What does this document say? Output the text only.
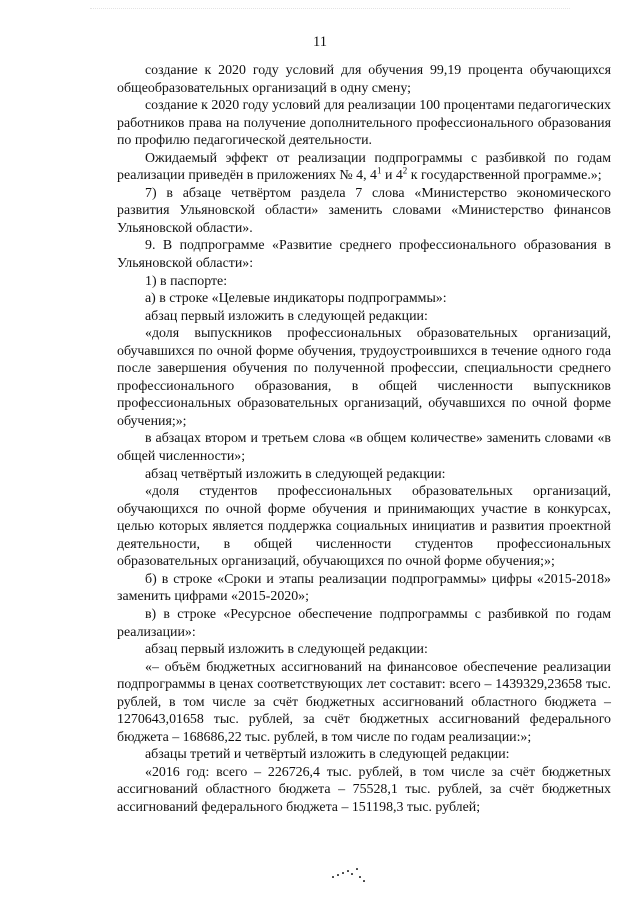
11

создание к 2020 году условий для обучения 99,19 процента обучающихся общеобразовательных организаций в одну смену;

создание к 2020 году условий для реализации 100 процентами педагогических работников права на получение дополнительного профессионального образования по профилю педагогической деятельности.

Ожидаемый эффект от реализации подпрограммы с разбивкой по годам реализации приведён в приложениях № 4, $4^1$ и $4^2$ к государственной программе.»;

7) в абзаце четвёртом раздела 7 слова «Министерство экономического развития Ульяновской области» заменить словами «Министерство финансов Ульяновской области».

9. В подпрограмме «Развитие среднего профессионального образования в Ульяновской области»:

1) в паспорте:

а) в строке «Целевые индикаторы подпрограммы»:

абзац первый изложить в следующей редакции:

«доля выпускников профессиональных образовательных организаций, обучавшихся по очной форме обучения, трудоустроившихся в течение одного года после завершения обучения по полученной профессии, специальности среднего профессионального образования, в общей численности выпускников профессиональных образовательных организаций, обучавшихся по очной форме обучения;»;

в абзацах втором и третьем слова «в общем количестве» заменить словами «в общей численности»;

абзац четвёртый изложить в следующей редакции:

«доля студентов профессиональных образовательных организаций, обучающихся по очной форме обучения и принимающих участие в конкурсах, целью которых является поддержка социальных инициатив и развития проектной деятельности, в общей численности студентов профессиональных образовательных организаций, обучающихся по очной форме обучения;»;

б) в строке «Сроки и этапы реализации подпрограммы» цифры «2015-2018» заменить цифрами «2015-2020»;

в) в строке «Ресурсное обеспечение подпрограммы с разбивкой по годам реализации»:

абзац первый изложить в следующей редакции:

«– объём бюджетных ассигнований на финансовое обеспечение реализации подпрограммы в ценах соответствующих лет составит: всего – 1439329,23658 тыс. рублей, в том числе за счёт бюджетных ассигнований областного бюджета – 1270643,01658 тыс. рублей, за счёт бюджетных ассигнований федерального бюджета – 168686,22 тыс. рублей, в том числе по годам реализации:»;

абзацы третий и четвёртый изложить в следующей редакции:

«2016 год: всего – 226726,4 тыс. рублей, в том числе за счёт бюджетных ассигнований областного бюджета – 75528,1 тыс. рублей, за счёт бюджетных ассигнований федерального бюджета – 151198,3 тыс. рублей;
